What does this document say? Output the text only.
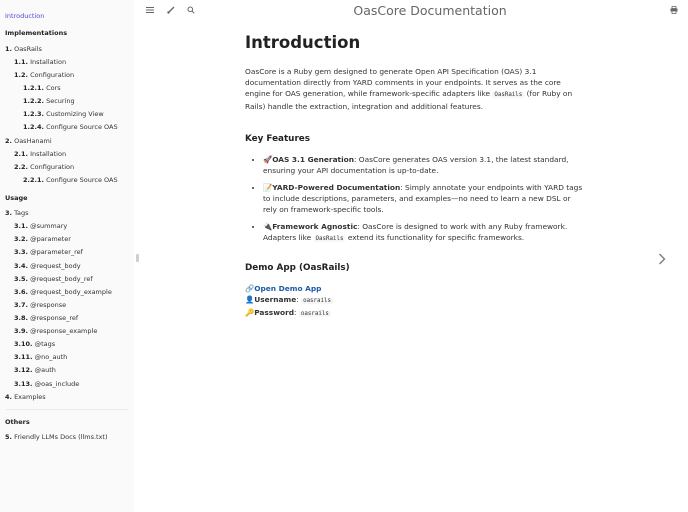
Introduction
Implementations
1. OasRails
1.1. Installation
1.2. Configuration
1.2.1. Cors
1.2.2. Securing
1.2.3. Customizing View
1.2.4. Configure Source OAS
2. OasHanami
2.1. Installation
2.2. Configuration
2.2.1. Configure Source OAS
Usage
3. Tags
3.1. @summary
3.2. @parameter
3.3. @parameter_ref
3.4. @request_body
3.5. @request_body_ref
3.6. @request_body_example
3.7. @response
3.8. @response_ref
3.9. @response_example
3.10. @tags
3.11. @no_auth
3.12. @auth
3.13. @oas_include
4. Examples
Others
5. Friendly LLMs Docs (llms.txt)
OasCore Documentation
Introduction

OasCore is a Ruby gem designed to generate Open API Specification (OAS) 3.1 documentation directly from YARD comments in your endpoints. It serves as the core engine for OAS generation, while framework-specific adapters like OasRails (for Ruby on Rails) handle the extraction, integration and additional features.

Key Features
• 🚀OAS 3.1 Generation: OasCore generates OAS version 3.1, the latest standard, ensuring your API documentation is up-to-date.
• 📝YARD-Powered Documentation: Simply annotate your endpoints with YARD tags to include descriptions, parameters, and examples—no need to learn a new DSL or rely on framework-specific tools.
• 🔌Framework Agnostic: OasCore is designed to work with any Ruby framework. Adapters like OasRails extend its functionality for specific frameworks.
Demo App (OasRails)
🔗Open Demo App
👤Username: oasrails
🔑Password: oasrails
